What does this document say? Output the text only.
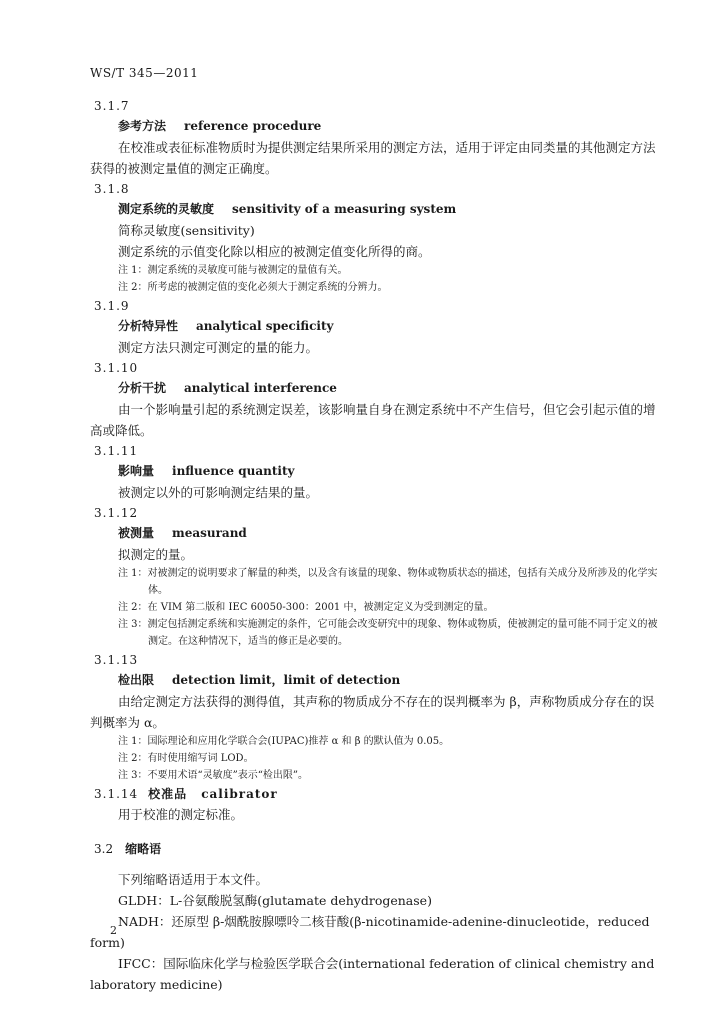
WS/T 345—2011
3.1.7
参考方法 reference procedure

在校准或表征标准物质时为提供测定结果所采用的测定方法，适用于评定由同类量的其他测定方法获得的被测定量值的测定正确度。

3.1.8
测定系统的灵敏度 sensitivity of a measuring system
简称灵敏度(sensitivity)

测定系统的示值变化除以相应的被测定值变化所得的商。

注 1：测定系统的灵敏度可能与被测定的量值有关。
注 2：所考虑的被测定值的变化必须大于测定系统的分辨力。
3.1.9
分析特异性 analytical specificity

测定方法只测定可测定的量的能力。

3.1.10
分析干扰 analytical interference

由一个影响量引起的系统测定误差，该影响量自身在测定系统中不产生信号，但它会引起示值的增高或降低。

3.1.11
影响量 influence quantity

被测定以外的可影响测定结果的量。

3.1.12
被测量 measurand

拟测定的量。

注 1：对被测定的说明要求了解量的种类，以及含有该量的现象、物体或物质状态的描述，包括有关成分及所涉及的化学实体。
注 2：在 VIM 第二版和 IEC 60050-300：2001 中，被测定定义为受到测定的量。
注 3：测定包括测定系统和实施测定的条件，它可能会改变研究中的现象、物体或物质，使被测定的量可能不同于定义的被测定。在这种情况下，适当的修正是必要的。
3.1.13
检出限 detection limit，limit of detection

由给定测定方法获得的测得值，其声称的物质成分不存在的误判概率为 β，声称物质成分存在的误判概率为 α。

注 1：国际理论和应用化学联合会(IUPAC)推荐 α 和 β 的默认值为 0.05。
注 2：有时使用缩写词 LOD。
注 3：不要用术语“灵敏度”表示“检出限”。
3.1.14 校准品 calibrator

用于校准的测定标准。

3.2 缩略语

下列缩略语适用于本文件。

GLDH：L-谷氨酸脱氢酶(glutamate dehydrogenase)

NADH：还原型 β-烟酰胺腺嘌呤二核苷酸(β-nicotinamide-adenine-dinucleotide，reduced form)

IFCC：国际临床化学与检验医学联合会(international federation of clinical chemistry and laboratory medicine)

2
